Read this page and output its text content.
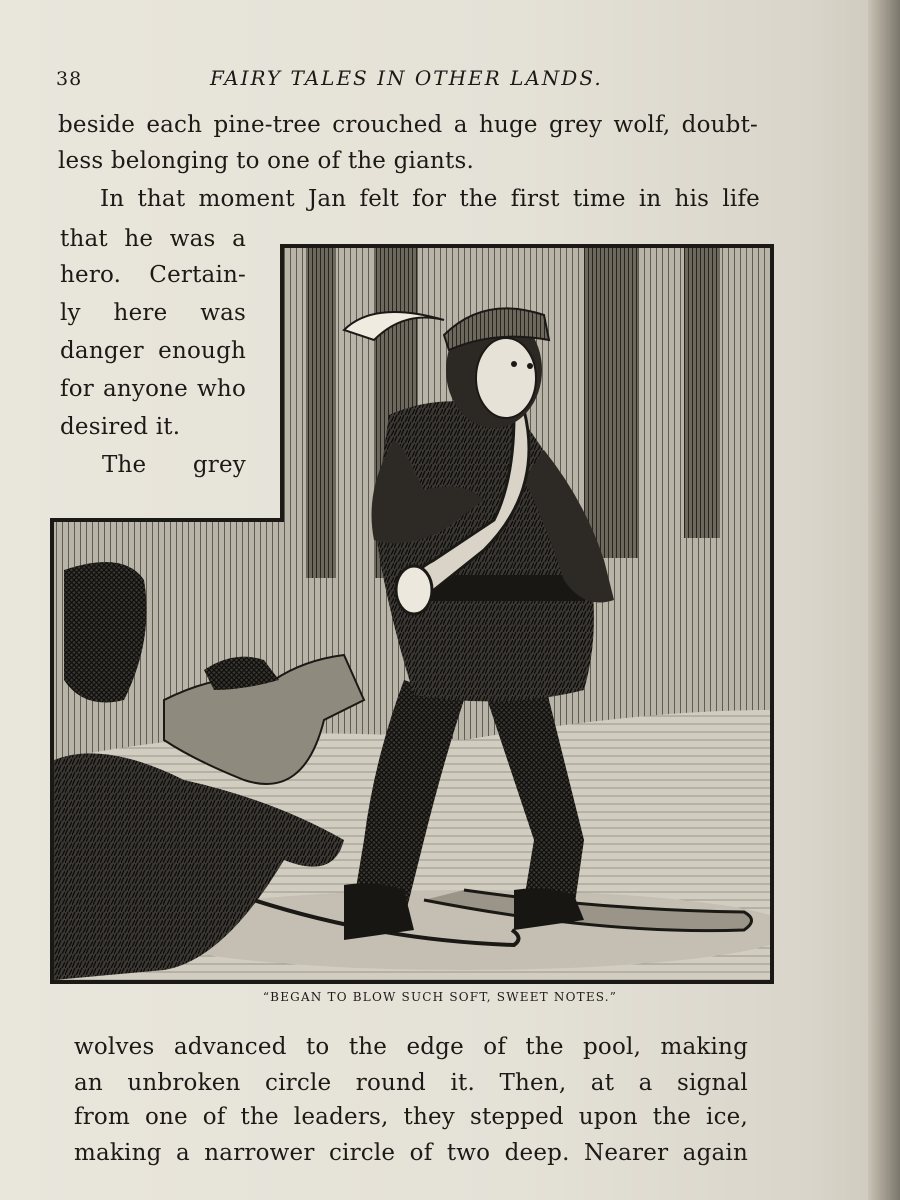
38	FAIRY TALES IN OTHER LANDS.
beside each pine-tree crouched a huge grey wolf, doubt-
less belonging to one of the giants.
In that moment Jan felt for the first time in his life
that he was a
hero. Certain-
ly here was
danger enough
for anyone who
desired it.
The grey
“BEGAN TO BLOW SUCH SOFT, SWEET NOTES.”
wolves advanced to the edge of the pool, making
an unbroken circle round it. Then, at a signal
from one of the leaders, they stepped upon the ice,
making a narrower circle of two deep. Nearer again
